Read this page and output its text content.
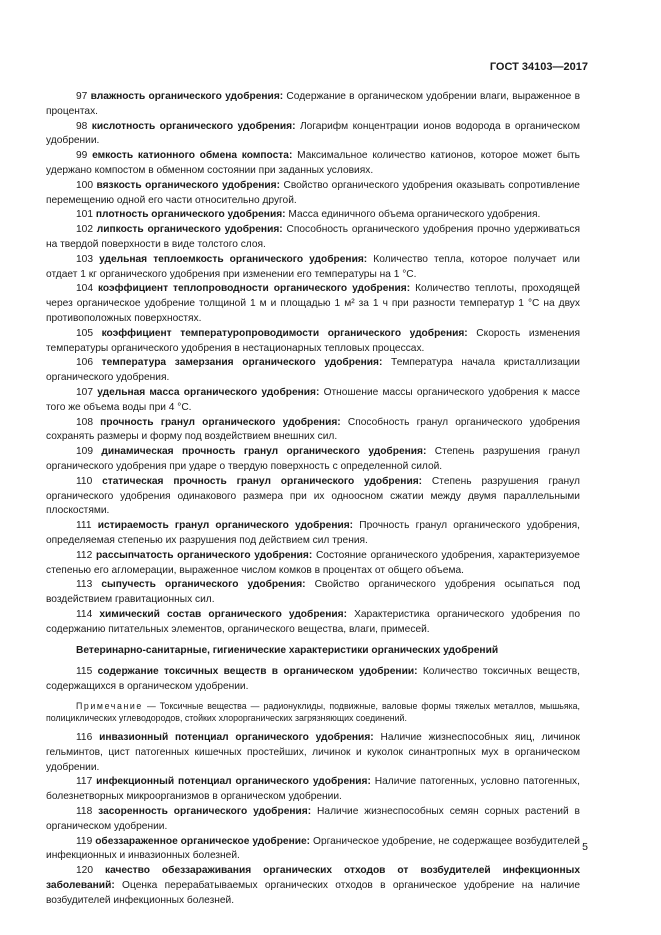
ГОСТ 34103—2017

97 влажность органического удобрения: Содержание в органическом удобрении влаги, выраженное в процентах.

98 кислотность органического удобрения: Логарифм концентрации ионов водорода в органическом удобрении.

99 емкость катионного обмена компоста: Максимальное количество катионов, которое может быть удержано компостом в обменном состоянии при заданных условиях.

100 вязкость органического удобрения: Свойство органического удобрения оказывать сопротивление перемещению одной его части относительно другой.

101 плотность органического удобрения: Масса единичного объема органического удобрения.

102 липкость органического удобрения: Способность органического удобрения прочно удерживаться на твердой поверхности в виде толстого слоя.

103 удельная теплоемкость органического удобрения: Количество тепла, которое получает или отдает 1 кг органического удобрения при изменении его температуры на 1 °C.

104 коэффициент теплопроводности органического удобрения: Количество теплоты, проходящей через органическое удобрение толщиной 1 м и площадью 1 м² за 1 ч при разности температур 1 °C на двух противоположных поверхностях.

105 коэффициент температуропроводимости органического удобрения: Скорость изменения температуры органического удобрения в нестационарных тепловых процессах.

106 температура замерзания органического удобрения: Температура начала кристаллизации органического удобрения.

107 удельная масса органического удобрения: Отношение массы органического удобрения к массе того же объема воды при 4 °C.

108 прочность гранул органического удобрения: Способность гранул органического удобрения сохранять размеры и форму под воздействием внешних сил.

109 динамическая прочность гранул органического удобрения: Степень разрушения гранул органического удобрения при ударе о твердую поверхность с определенной силой.

110 статическая прочность гранул органического удобрения: Степень разрушения гранул органического удобрения одинакового размера при их одноосном сжатии между двумя параллельными плоскостями.

111 истираемость гранул органического удобрения: Прочность гранул органического удобрения, определяемая степенью их разрушения под действием сил трения.

112 рассыпчатость органического удобрения: Состояние органического удобрения, характеризуемое степенью его агломерации, выраженное числом комков в процентах от общего объема.

113 сыпучесть органического удобрения: Свойство органического удобрения осыпаться под воздействием гравитационных сил.

114 химический состав органического удобрения: Характеристика органического удобрения по содержанию питательных элементов, органического вещества, влаги, примесей.

Ветеринарно-санитарные, гигиенические характеристики органических удобрений

115 содержание токсичных веществ в органическом удобрении: Количество токсичных веществ, содержащихся в органическом удобрении.

Примечание — Токсичные вещества — радионуклиды, подвижные, валовые формы тяжелых металлов, мышьяка, полициклических углеводородов, стойких хлорорганических загрязняющих соединений.

116 инвазионный потенциал органического удобрения: Наличие жизнеспособных яиц, личинок гельминтов, цист патогенных кишечных простейших, личинок и куколок синантропных мух в органическом удобрении.

117 инфекционный потенциал органического удобрения: Наличие патогенных, условно патогенных, болезнетворных микроорганизмов в органическом удобрении.

118 засоренность органического удобрения: Наличие жизнеспособных семян сорных растений в органическом удобрении.

119 обеззараженное органическое удобрение: Органическое удобрение, не содержащее возбудителей инфекционных и инвазионных болезней.

120 качество обеззараживания органических отходов от возбудителей инфекционных заболеваний: Оценка перерабатываемых органических отходов в органическое удобрение на наличие возбудителей инфекционных болезней.

5
